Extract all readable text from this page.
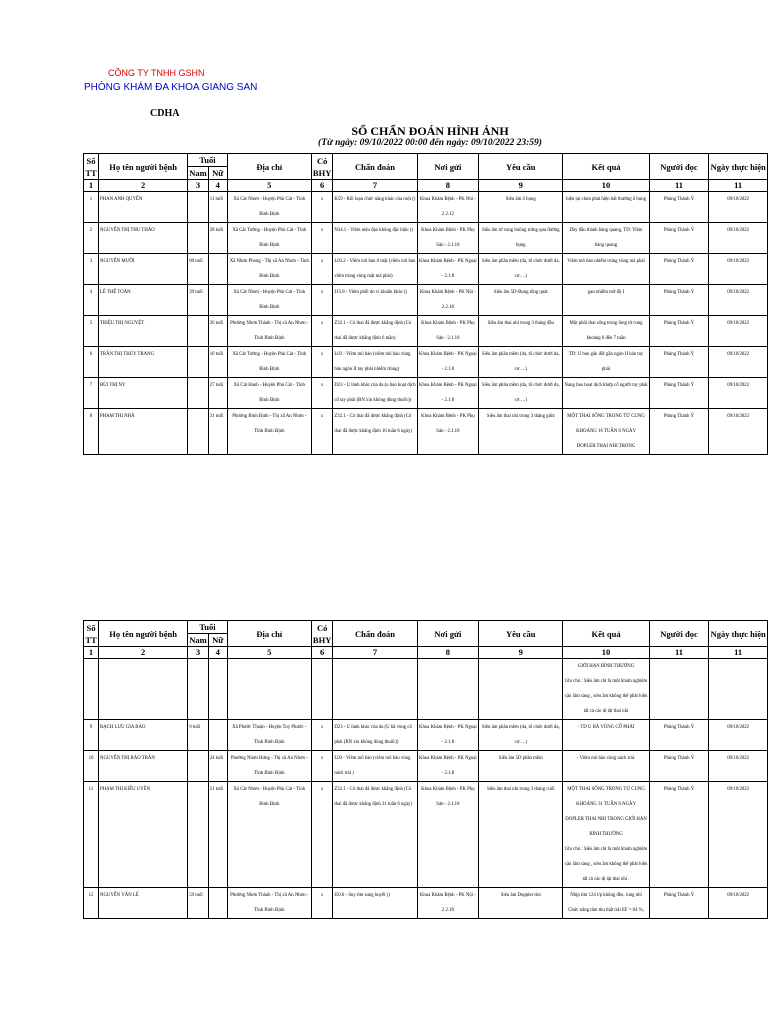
CÔNG TY TNHH GSHN
PHÒNG KHÁM ĐA KHOA GIANG SAN
CDHA
SỔ CHẨN ĐOÁN HÌNH ẢNH
(Từ ngày: 09/10/2022 00:00 đến ngày: 09/10/2022 23:59)
Số TT	Họ tên người bệnh	Tuổi		Địa chỉ	Có BHY	Chẩn đoán	Nơi gửi	Yêu cầu	Kết quả	Người đọc	Ngày thực hiện
		Nam	Nữ								
1	2	3	4	5	6	7	8	9	10	11	11
1	PHAN ANH QUYỀN		11 tuổi	Xã Cát Nhơn - Huyện Phù Cát - Tỉnh Bình Định	x	K59 - Rối loạn chức năng khác của ruột ()	Khoa Khám Bệnh - PK Nhi - 2.2.12	Siêu âm ổ bụng	hiện tại chưa phát hiện bất thường ổ bụng	Phùng Thành Ý	09/10/2022
2	NGUYỄN THỊ THU THẢO		28 tuổi	Xã Cát Tường - Huyện Phù Cát - Tỉnh Bình Định	x	N34.1 - Viêm niệu đạo không đặc hiệu ()	Khoa Khám Bệnh - PK Phụ Sản - 2.1.18	Siêu âm tử cung buồng trứng qua đường bụng	Dày đầu thành bàng quang, TD: Viêm bàng quang	Phùng Thành Ý	09/10/2022
3	NGUYỄN MƯỜI	60 tuổi		Xã Nhơn Phong - Thị xã An Nhơn - Tỉnh Bình Định	x	L03.2 - Viêm mô bào ở mặt (viêm mô bào viêm trùng vùng mặt má phải)	Khoa Khám Bệnh - PK Ngoại - 2.1.8	Siêu âm phần mềm (da, tổ chức dưới da, cơ….)	Viêm mô bào nhiễm trùng vùng má phải	Phùng Thành Ý	09/10/2022
4	LÊ THẾ TOÀN	39 tuổi		Xã Cát Nhơn - Huyện Phù Cát - Tỉnh Bình Định	x	J15.8 - Viêm phổi do vi khuẩn khác ()	Khoa Khám Bệnh - PK Nội - 2.2.18	Siêu âm 5D-Bụng tổng quát	gan nhiễm mỡ độ I	Phùng Thành Ý	09/10/2022
5	TRIỆU THỊ NGUYỆT		26 tuổi	Phường Nhơn Thành - Thị xã An Nhơn - Tỉnh Bình Định	x	Z32.1 - Có thai đã được khẳng định (Có thai đã được khẳng định 6 tuần)	Khoa Khám Bệnh - PK Phụ Sản - 2.1.18	Siêu âm thai nhi trong 3 tháng đầu	Một phôi thai sống trong lòng tử cung khoảng 6 đến 7 tuần	Phùng Thành Ý	09/10/2022
6	TRẦN THỊ THÚY TRANG		16 tuổi	Xã Cát Tường - Huyện Phù Cát - Tỉnh Bình Định	x	L03 - Viêm mô bào (viêm mô bào vùng bàn ngón II tay phải nhiễm trùng)	Khoa Khám Bệnh - PK Ngoại - 2.1.8	Siêu âm phần mềm (da, tổ chức dưới da, cơ….)	TD: U bao gân đốt gần ngón II bàn tay phải	Phùng Thành Ý	09/10/2022
7	BÙI THỊ NY		27 tuổi	Xã Cát Hanh - Huyện Phù Cát - Tỉnh Bình Định	x	D23 - U lành khác của da (u bao hoạt dịch cổ tay phải (BN xin không dùng thuốc))	Khoa Khám Bệnh - PK Ngoại - 2.1.8	Siêu âm phần mềm (da, tổ chức dưới da, cơ….)	Nang bao hoạt dịch khớp cổ người tay phải	Phùng Thành Ý	09/10/2022
8	PHẠM THỊ NHÃ		31 tuổi	Phường Bình Định - Thị xã An Nhơn - Tỉnh Bình Định	x	Z32.1 - Có thai đã được khẳng định (Có thai đã được khẳng định 16 tuần 6 ngày)	Khoa Khám Bệnh - PK Phụ Sản - 2.1.18	Siêu âm thai nhi trong 3 tháng giữa	MỘT THAI SỐNG TRONG TỬ CUNG KHOẢNG 16 TUẦN 6 NGÀY
DOPLER THAI NHI TRONG	Phùng Thành Ý	09/10/2022
Số TT	Họ tên người bệnh	Tuổi		Địa chỉ	Có BHY	Chẩn đoán	Nơi gửi	Yêu cầu	Kết quả	Người đọc	Ngày thực hiện
		Nam	Nữ								
1	2	3	4	5	6	7	8	9	10	11	11
									GIỚI HẠN BÌNH THƯỜNG
Ghi chú : Siêu âm chỉ là một khám nghiệm cận lâm sàng , siêu âm không thể phát hiện tất cả các dị tật thai nhi		
9	BẠCH LƯU GIA BẢO	9 tuổi		Xã Phước Thuận - Huyện Tuy Phước - Tỉnh Bình Định	x	D23 - U lành khác của da (U bã vùng cổ phải (BN xin không dùng thuốc))	Khoa Khám Bệnh - PK Ngoại - 2.1.8	Siêu âm phần mềm (da, tổ chức dưới da, cơ….)	- TD U BÃ VÙNG CỔ PHẢI	Phùng Thành Ý	09/10/2022
10	NGUYỄN THỊ BẢO TRÂN		24 tuổi	Phường Nhơn Hưng - Thị xã An Nhơn - Tỉnh Bình Định	x	L03 - Viêm mô bào (viêm mô bào vùng nách trái )	Khoa Khám Bệnh - PK Ngoại - 2.1.8	Siêu âm 5D phần mềm	- Viêm mô bào vùng nách trái.	Phùng Thành Ý	09/10/2022
11	PHẠM THỊ KIỀU UYÊN		21 tuổi	Xã Cát Nhơn - Huyện Phù Cát - Tỉnh Bình Định	x	Z32.1 - Có thai đã được khẳng định (Có thai đã được khẳng định 31 tuần 6 ngày)	Khoa Khám Bệnh - PK Phụ Sản - 2.1.18	Siêu âm thai nhi trong 3 tháng cuối	MỘT THAI SỐNG TRONG TỬ CUNG KHOẢNG 31 TUẦN 6 NGÀY
DOPLER THAI NHI TRONG GIỚI HẠN BÌNH THƯỜNG
Ghi chú : Siêu âm chỉ là một khám nghiệm cận lâm sàng , siêu âm không thể phát hiện tất cả các dị tật thai nhi .	Phùng Thành Ý	09/10/2022
12	NGUYỄN VĂN LÊ	59 tuổi		Phường Nhơn Thành - Thị xã An Nhơn - Tỉnh Bình Định	x	I50.0 - Suy tim sung huyết ()	Khoa Khám Bệnh - PK Nội - 2.2.18	Siêu âm Doppler tim	Nhịp tim 124 l/p không đều, rung nhĩ
Chức năng tâm thu thất trái EF = 64 %,	Phùng Thành Ý	09/10/2022
